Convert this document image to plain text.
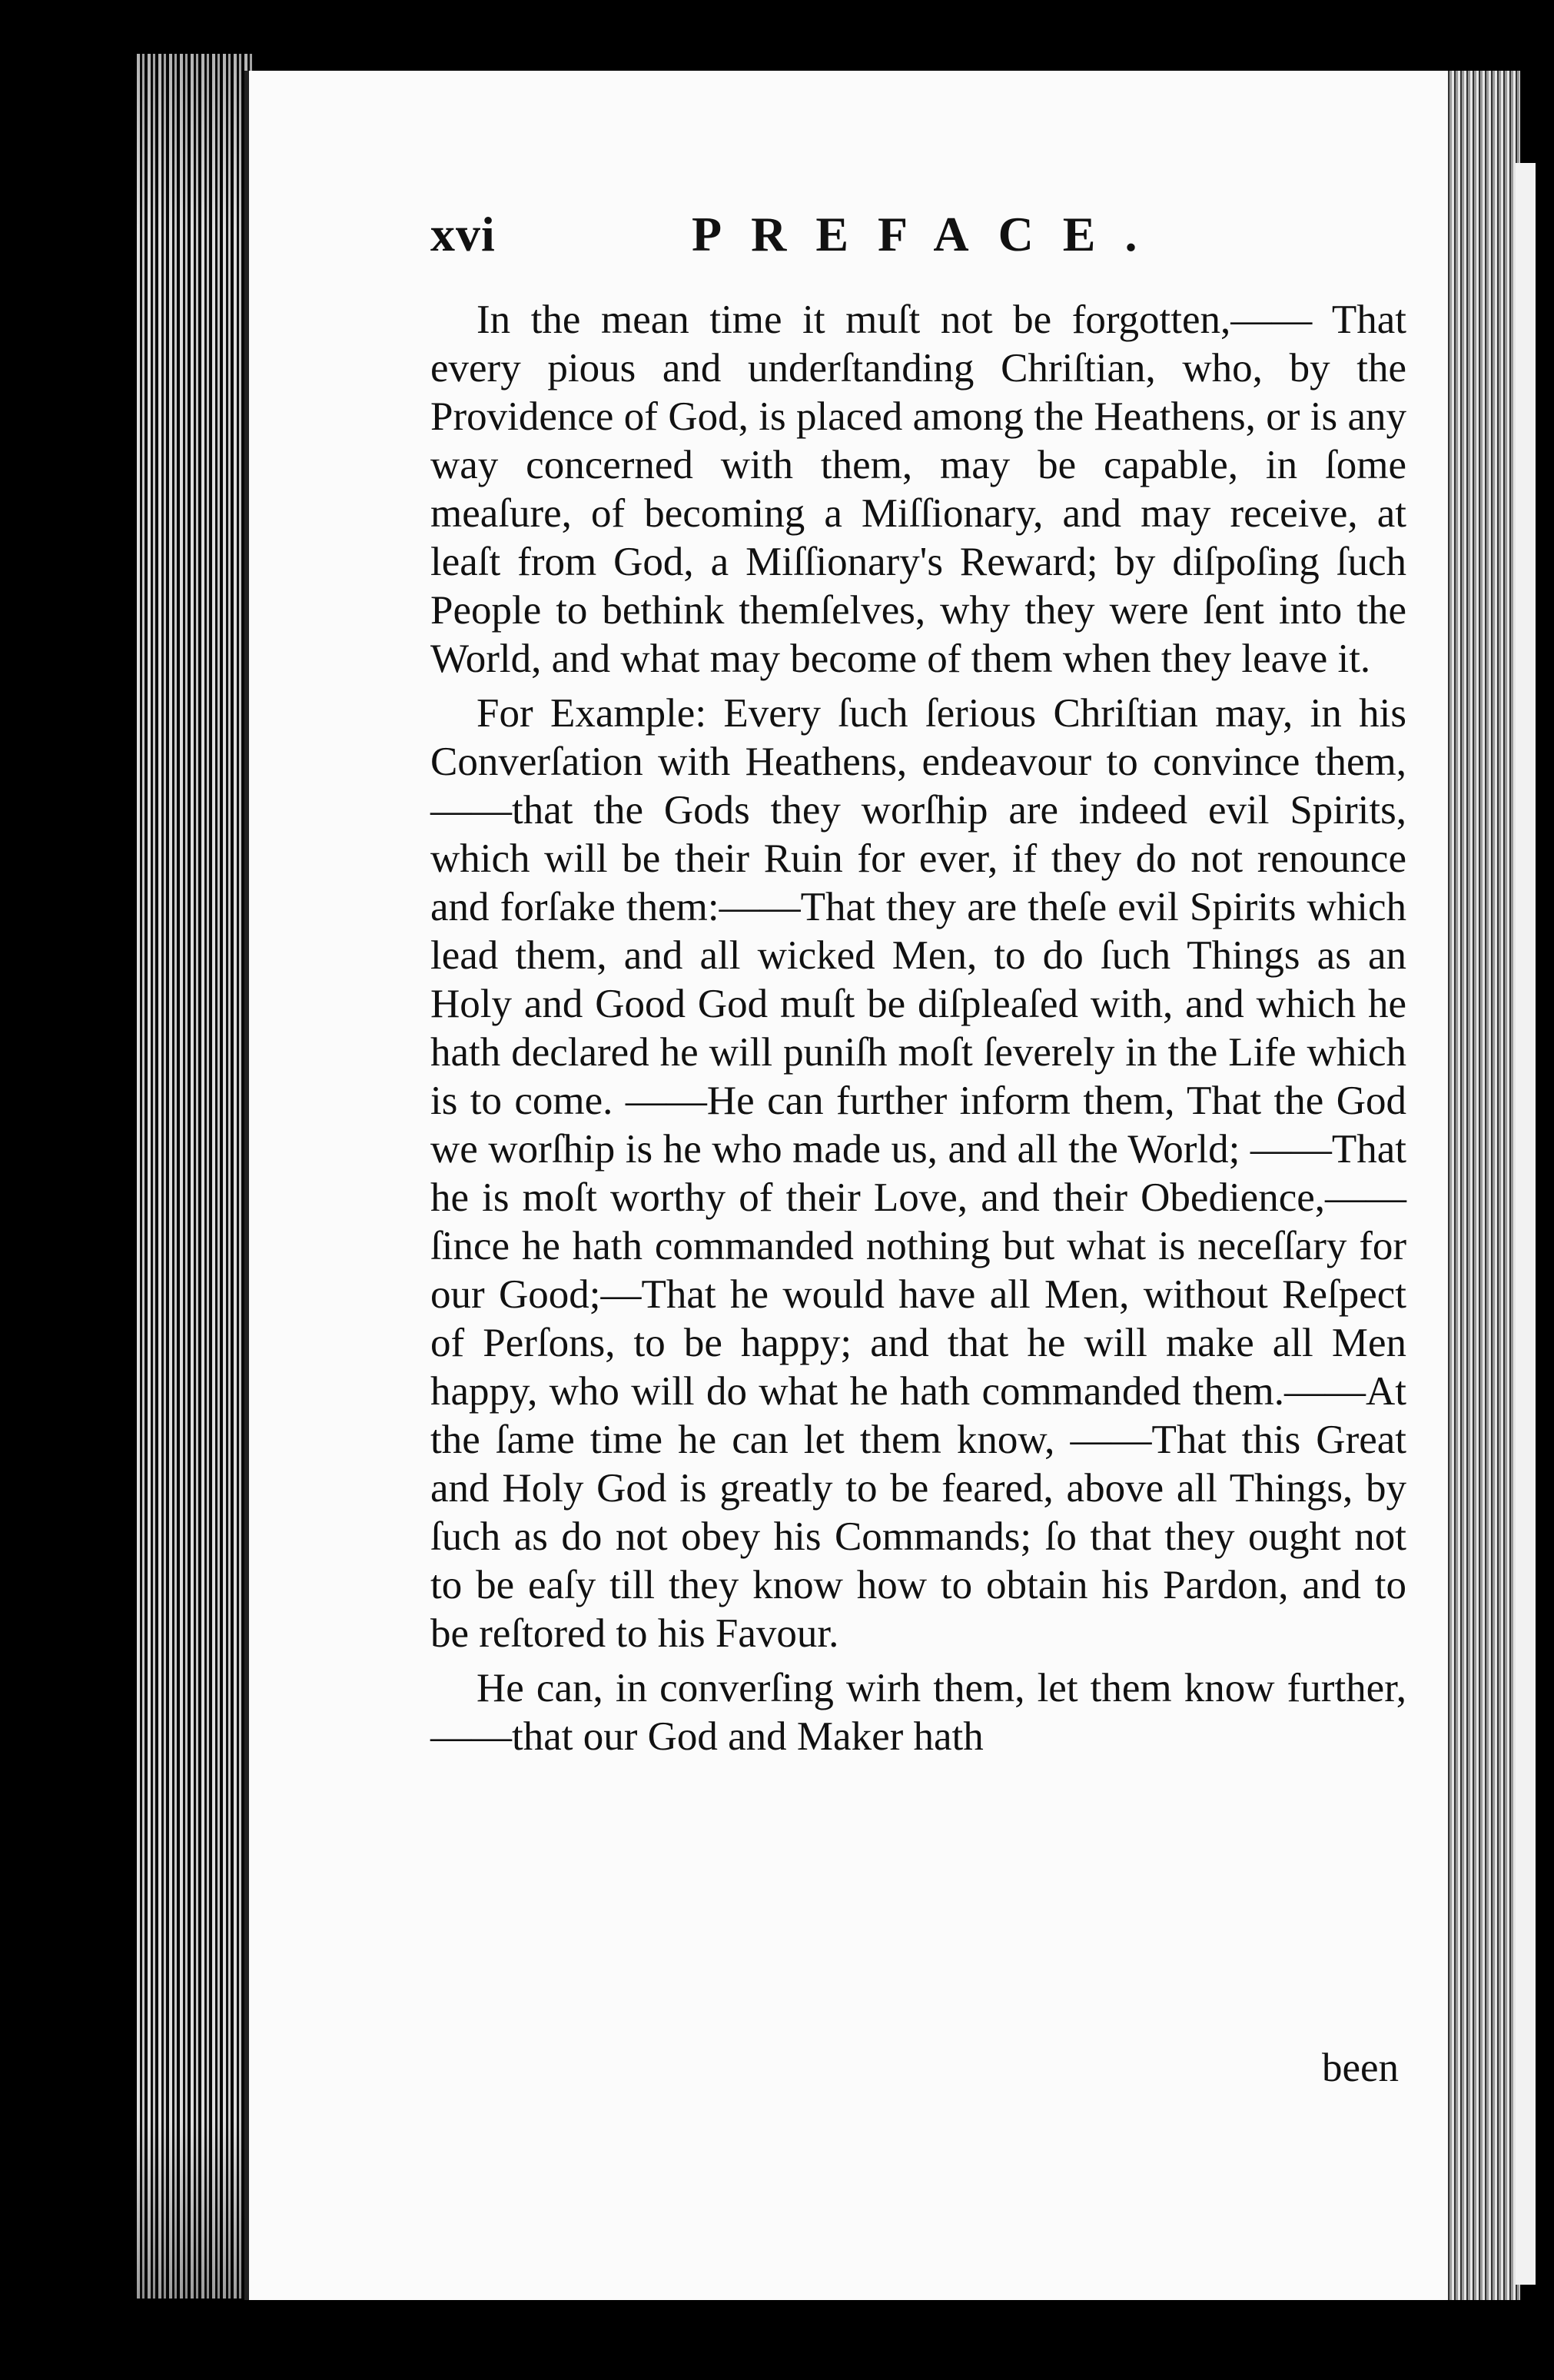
xvi	PREFACE.

In the mean time it muſt not be forgotten,—— That every pious and underſtanding Chriſtian, who, by the Providence of God, is placed among the Heathens, or is any way concerned with them, may be capable, in ſome meaſure, of becoming a Miſſionary, and may receive, at leaſt from God, a Miſſionary's Reward; by diſpoſing ſuch People to bethink themſelves, why they were ſent into the World, and what may become of them when they leave it.

For Example: Every ſuch ſerious Chriſtian may, in his Converſation with Heathens, endeavour to convince them,——that the Gods they worſhip are indeed evil Spirits, which will be their Ruin for ever, if they do not renounce and forſake them:——That they are theſe evil Spirits which lead them, and all wicked Men, to do ſuch Things as an Holy and Good God muſt be diſpleaſed with, and which he hath declared he will puniſh moſt ſeverely in the Life which is to come. ——He can further inform them, That the God we worſhip is he who made us, and all the World; ——That he is moſt worthy of their Love, and their Obedience,——ſince he hath commanded nothing but what is neceſſary for our Good;—That he would have all Men, without Reſpect of Perſons, to be happy; and that he will make all Men happy, who will do what he hath commanded them.——At the ſame time he can let them know, ——That this Great and Holy God is greatly to be feared, above all Things, by ſuch as do not obey his Commands; ſo that they ought not to be eaſy till they know how to obtain his Pardon, and to be reſtored to his Favour.

He can, in converſing wirh them, let them know further,——that our God and Maker hath

been
